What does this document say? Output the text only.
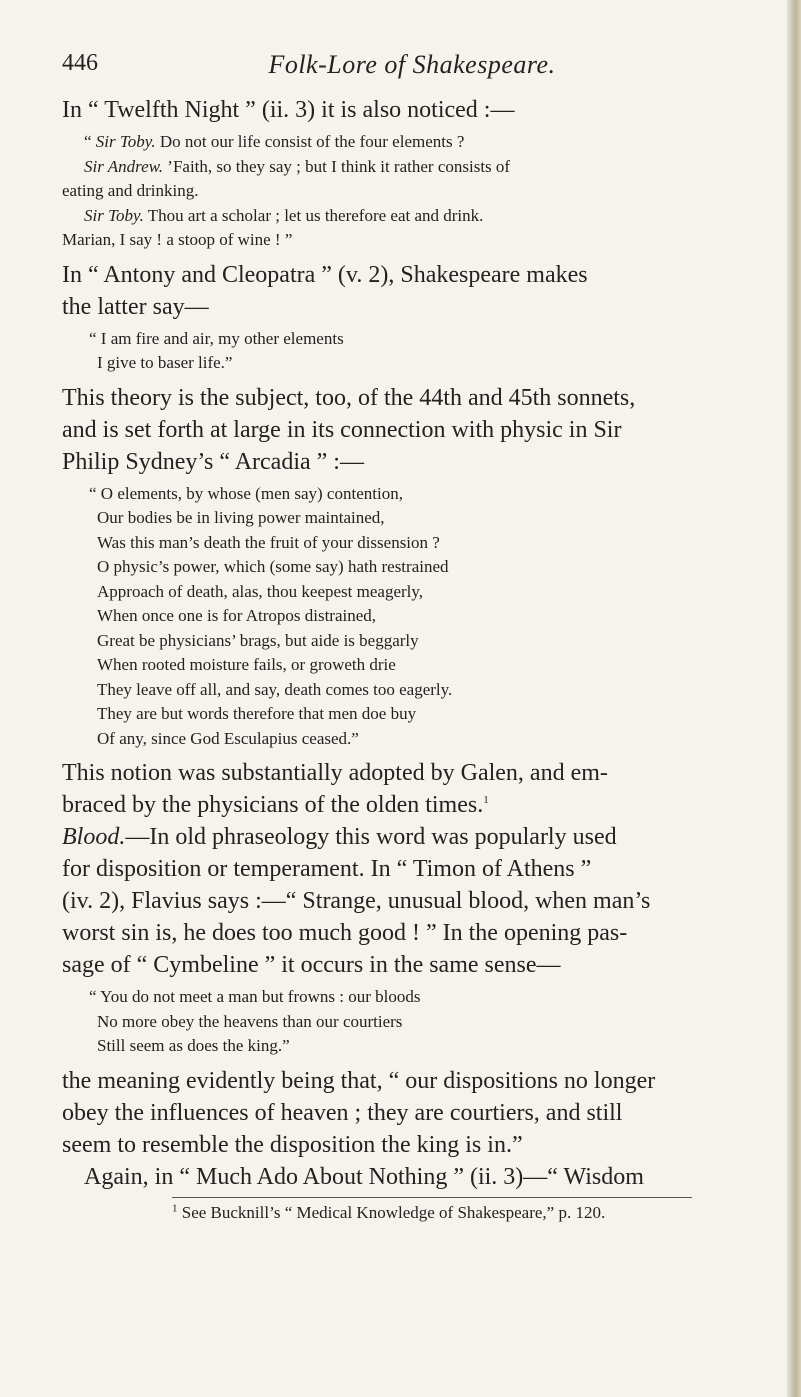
Folk-Lore of Shakespeare.
446

In “ Twelfth Night ” (ii. 3) it is also noticed :—

“ Sir Toby. Do not our life consist of the four elements ?

Sir Andrew. ’Faith, so they say ; but I think it rather consists of

eating and drinking.

Sir Toby. Thou art a scholar ; let us therefore eat and drink.

Marian, I say ! a stoop of wine ! ”

In “ Antony and Cleopatra ” (v. 2), Shakespeare makes

the latter say—

“ I am fire and air, my other elements

I give to baser life.”

This theory is the subject, too, of the 44th and 45th sonnets,

and is set forth at large in its connection with physic in Sir

Philip Sydney’s “ Arcadia ” :—

“ O elements, by whose (men say) contention,

Our bodies be in living power maintained,

Was this man’s death the fruit of your dissension ?

O physic’s power, which (some say) hath restrained

Approach of death, alas, thou keepest meagerly,

When once one is for Atropos distrained,

Great be physicians’ brags, but aide is beggarly

When rooted moisture fails, or groweth drie

They leave off all, and say, death comes too eagerly.

They are but words therefore that men doe buy

Of any, since God Esculapius ceased.”

This notion was substantially adopted by Galen, and em-

braced by the physicians of the olden times.$^1$

Blood.—In old phraseology this word was popularly used

for disposition or temperament. In “ Timon of Athens ”

(iv. 2), Flavius says :—“ Strange, unusual blood, when man’s

worst sin is, he does too much good ! ” In the opening pas-

sage of “ Cymbeline ” it occurs in the same sense—

“ You do not meet a man but frowns : our bloods

No more obey the heavens than our courtiers

Still seem as does the king.”

the meaning evidently being that, “ our dispositions no longer

obey the influences of heaven ; they are courtiers, and still

seem to resemble the disposition the king is in.”

Again, in “ Much Ado About Nothing ” (ii. 3)—“ Wisdom

$^1$ See Bucknill’s “ Medical Knowledge of Shakespeare,” p. 120.
